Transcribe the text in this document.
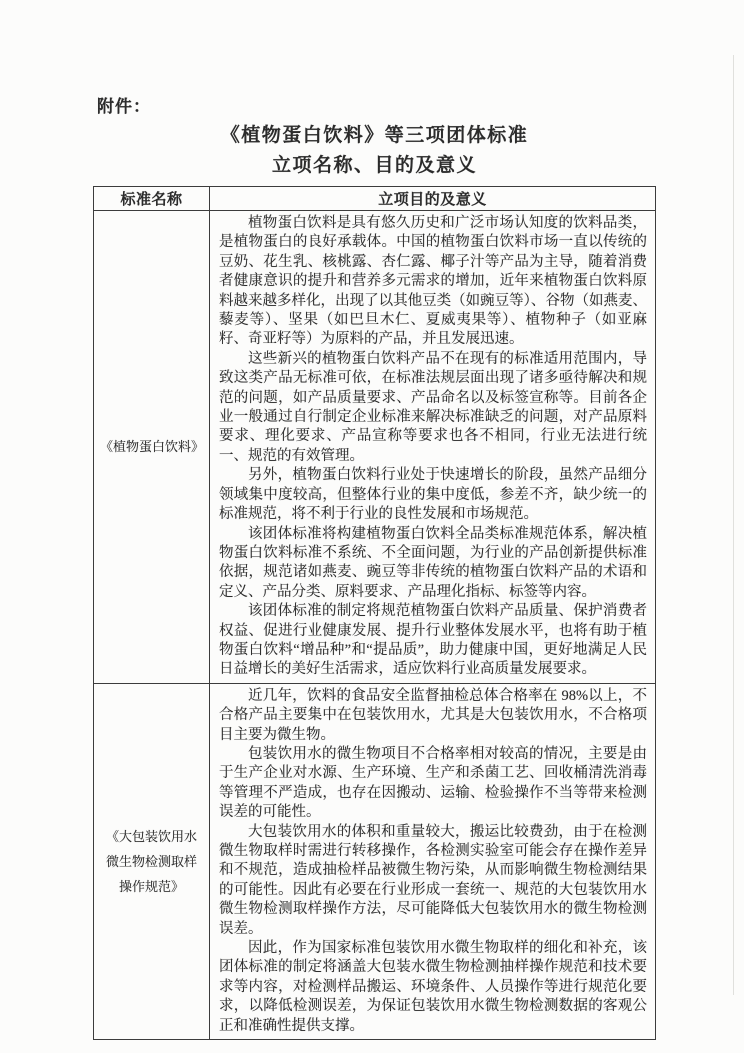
附件：
《植物蛋白饮料》等三项团体标准
立项名称、目的及意义
标准名称	立项目的及意义
《植物蛋白饮料》	植物蛋白饮料是具有悠久历史和广泛市场认知度的饮料品类，是植物蛋白的良好承载体。中国的植物蛋白饮料市场一直以传统的豆奶、花生乳、核桃露、杏仁露、椰子汁等产品为主导，随着消费者健康意识的提升和营养多元需求的增加，近年来植物蛋白饮料原料越来越多样化，出现了以其他豆类（如豌豆等）、谷物（如燕麦、藜麦等）、坚果（如巴旦木仁、夏威夷果等）、植物种子（如亚麻籽、奇亚籽等）为原料的产品，并且发展迅速。

这些新兴的植物蛋白饮料产品不在现有的标准适用范围内，导致这类产品无标准可依，在标准法规层面出现了诸多亟待解决和规范的问题，如产品质量要求、产品命名以及标签宣称等。目前各企业一般通过自行制定企业标准来解决标准缺乏的问题，对产品原料要求、理化要求、产品宣称等要求也各不相同，行业无法进行统一、规范的有效管理。

另外，植物蛋白饮料行业处于快速增长的阶段，虽然产品细分领域集中度较高，但整体行业的集中度低，参差不齐，缺少统一的标准规范，将不利于行业的良性发展和市场规范。

该团体标准将构建植物蛋白饮料全品类标准规范体系，解决植物蛋白饮料标准不系统、不全面问题，为行业的产品创新提供标准依据，规范诸如燕麦、豌豆等非传统的植物蛋白饮料产品的术语和定义、产品分类、原料要求、产品理化指标、标签等内容。

该团体标准的制定将规范植物蛋白饮料产品质量、保护消费者权益、促进行业健康发展、提升行业整体发展水平，也将有助于植物蛋白饮料“增品种”和“提品质”，助力健康中国，更好地满足人民日益增长的美好生活需求，适应饮料行业高质量发展要求。

《大包装饮用水微生物检测取样操作规范》	近几年，饮料的食品安全监督抽检总体合格率在 98%以上，不合格产品主要集中在包装饮用水，尤其是大包装饮用水，不合格项目主要为微生物。

包装饮用水的微生物项目不合格率相对较高的情况，主要是由于生产企业对水源、生产环境、生产和杀菌工艺、回收桶清洗消毒等管理不严造成，也存在因搬动、运输、检验操作不当等带来检测误差的可能性。

大包装饮用水的体积和重量较大，搬运比较费劲，由于在检测微生物取样时需进行转移操作，各检测实验室可能会存在操作差异和不规范，造成抽检样品被微生物污染，从而影响微生物检测结果的可能性。因此有必要在行业形成一套统一、规范的大包装饮用水微生物检测取样操作方法，尽可能降低大包装饮用水的微生物检测误差。

因此，作为国家标准包装饮用水微生物取样的细化和补充，该团体标准的制定将涵盖大包装水微生物检测抽样操作规范和技术要求等内容，对检测样品搬运、环境条件、人员操作等进行规范化要求，以降低检测误差，为保证包装饮用水微生物检测数据的客观公正和准确性提供支撑。
